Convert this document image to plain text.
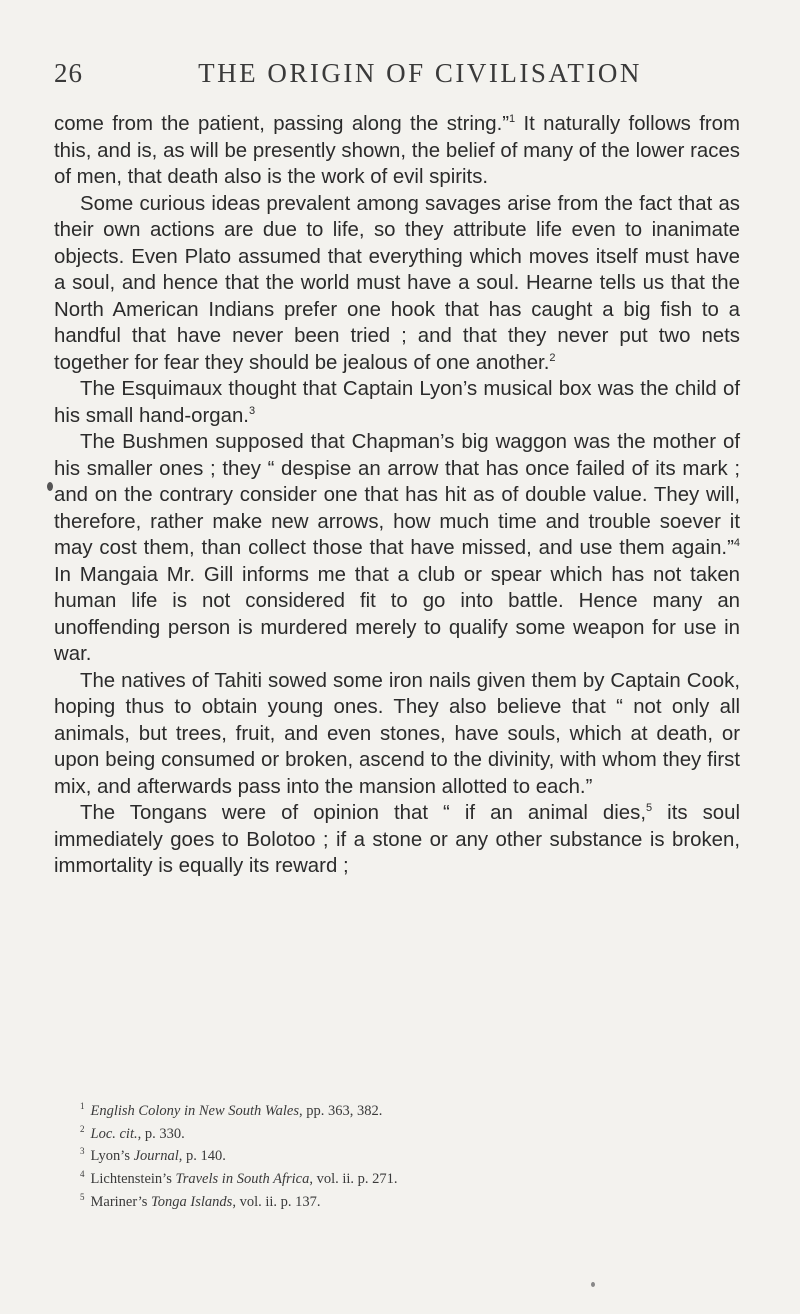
26	THE ORIGIN OF CIVILISATION

come from the patient, passing along the string.”$^1$ It naturally follows from this, and is, as will be presently shown, the belief of many of the lower races of men, that death also is the work of evil spirits.

Some curious ideas prevalent among savages arise from the fact that as their own actions are due to life, so they attribute life even to inanimate objects. Even Plato assumed that everything which moves itself must have a soul, and hence that the world must have a soul. Hearne tells us that the North American Indians prefer one hook that has caught a big fish to a handful that have never been tried ; and that they never put two nets together for fear they should be jealous of one another.$^2$

The Esquimaux thought that Captain Lyon’s musical box was the child of his small hand-organ.$^3$

The Bushmen supposed that Chapman’s big waggon was the mother of his smaller ones ; they “ despise an arrow that has once failed of its mark ; and on the contrary consider one that has hit as of double value. They will, therefore, rather make new arrows, how much time and trouble soever it may cost them, than collect those that have missed, and use them again.”$^4$ In Mangaia Mr. Gill informs me that a club or spear which has not taken human life is not considered fit to go into battle. Hence many an unoffending person is murdered merely to qualify some weapon for use in war.

The natives of Tahiti sowed some iron nails given them by Captain Cook, hoping thus to obtain young ones. They also believe that “ not only all animals, but trees, fruit, and even stones, have souls, which at death, or upon being consumed or broken, ascend to the divinity, with whom they first mix, and afterwards pass into the mansion allotted to each.”

The Tongans were of opinion that “ if an animal dies,$^5$ its soul immediately goes to Bolotoo ; if a stone or any other substance is broken, immortality is equally its reward ;

$^1$ English Colony in New South Wales, pp. 363, 382.
$^2$ Loc. cit., p. 330.
$^3$ Lyon’s Journal, p. 140.
$^4$ Lichtenstein’s Travels in South Africa, vol. ii. p. 271.
$^5$ Mariner’s Tonga Islands, vol. ii. p. 137.
